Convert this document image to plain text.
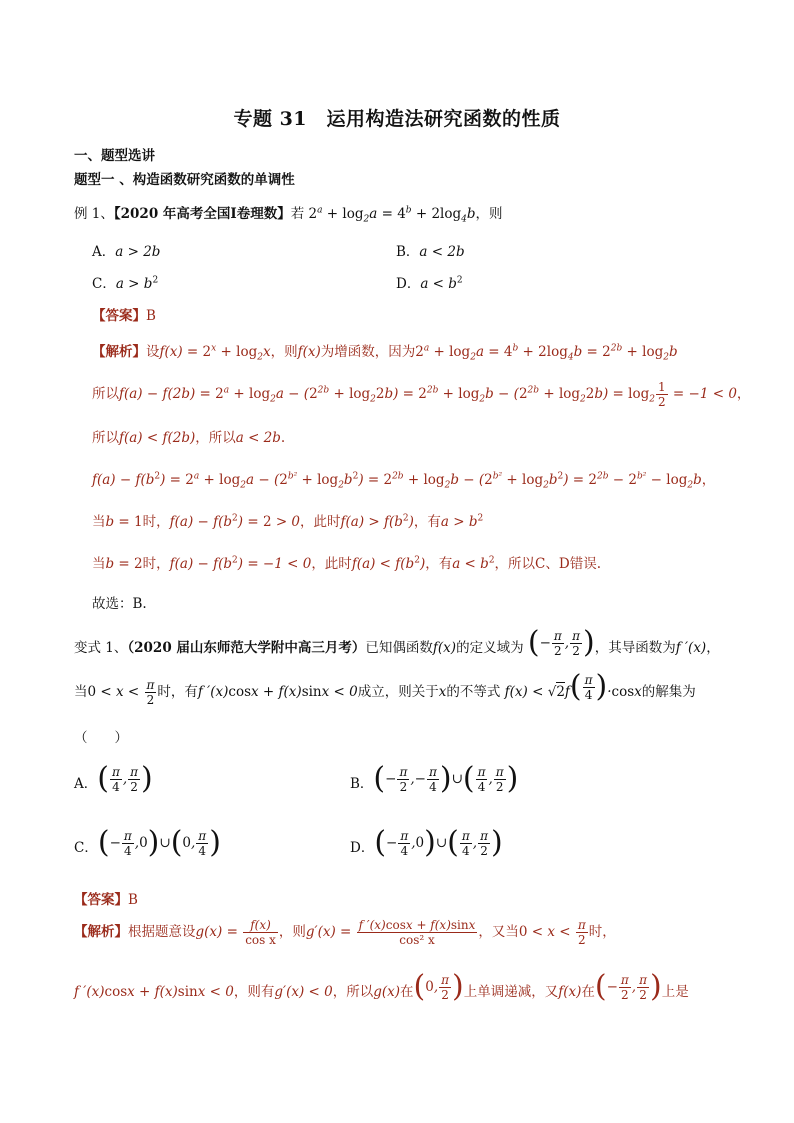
专题 31　运用构造法研究函数的性质
一、题型选讲
题型一 、构造函数研究函数的单调性
例 1、【2020 年高考全国Ⅰ卷理数】若 $2^a + \log_2a = 4^b + 2\log_4b$，则
A．a > 2b	B．a < 2b
C．$a > b^2$	D．$a < b^2$
【答案】B
【解析】设$f(x) = 2^x + \log_2x$，则f(x)为增函数，因为$2^a + \log_2a = 4^b + 2\log_4b = 2^{2b} + \log_2b$
所以$f(a) - f(2b) = 2^a + \log_2a - (2^{2b} + \log_22b) = 2^{2b} + \log_2b - (2^{2b} + \log_22b) = \log_2 \frac{1}{2} = -1 < 0$，
所以f(a) < f(2b)，所以a < 2b.
$f(a) - f(b^2) = 2^a + \log_2a - (2^{b^2} + \log_2b^2) = 2^{2b} + \log_2b - (2^{b^2} + \log_2b^2) = 2^{2b} - 2^{b^2} - \log_2b$，
当b = 1时，$f(a) - f(b^2) = 2 > 0$，此时$f(a) > f(b^2)$，有$a > b^2$
当b = 2时，$f(a) - f(b^2) = -1 < 0$，此时$f(a) < f(b^2)$，有$a < b^2$，所以C、D错误.
故选：B.
变式 1、（2020 届山东师范大学附中高三月考）已知偶函数f(x)的定义域为 ( − $\frac{\pi}{2}$ , $\frac{\pi}{2}$ ) ，其导函数为f ′(x)，
当$0 < x < \frac{\pi}{2}$ 时，有f ′(x)cosx + f(x)sinx < 0成立，则关于x的不等式 f(x) < √2f ( $\frac{\pi}{4}$ ) ·cosx的解集为
（　　）
A． ( $\frac{\pi}{4}$ , $\frac{\pi}{2}$ )	B． ( − $\frac{\pi}{2}$ ,− $\frac{\pi}{4}$ ) ∪ ( $\frac{\pi}{4}$ , $\frac{\pi}{2}$ )
C． ( − $\frac{\pi}{4}$ , 0 ) ∪ ( 0 , $\frac{\pi}{4}$ )	D． ( − $\frac{\pi}{4}$ , 0 ) ∪ ( $\frac{\pi}{4}$ , $\frac{\pi}{2}$ )
【答案】B
【解析】根据题意设$g(x) = \frac{f(x)}{\text{cos x}}$ ，则$g'(x) = \frac{f '(x)\cos x + f(x)\sin x}{\text{cos² x}}$ ，又当$0 < x < \frac{\pi}{2}$ 时，
f ′(x)cosx + f(x)sinx < 0，则有g′(x) < 0，所以g(x)在 ( 0 , $\frac{\pi}{2}$ ) 上单调递减，又f(x)在 ( − $\frac{\pi}{2}$ , $\frac{\pi}{2}$ ) 上是
